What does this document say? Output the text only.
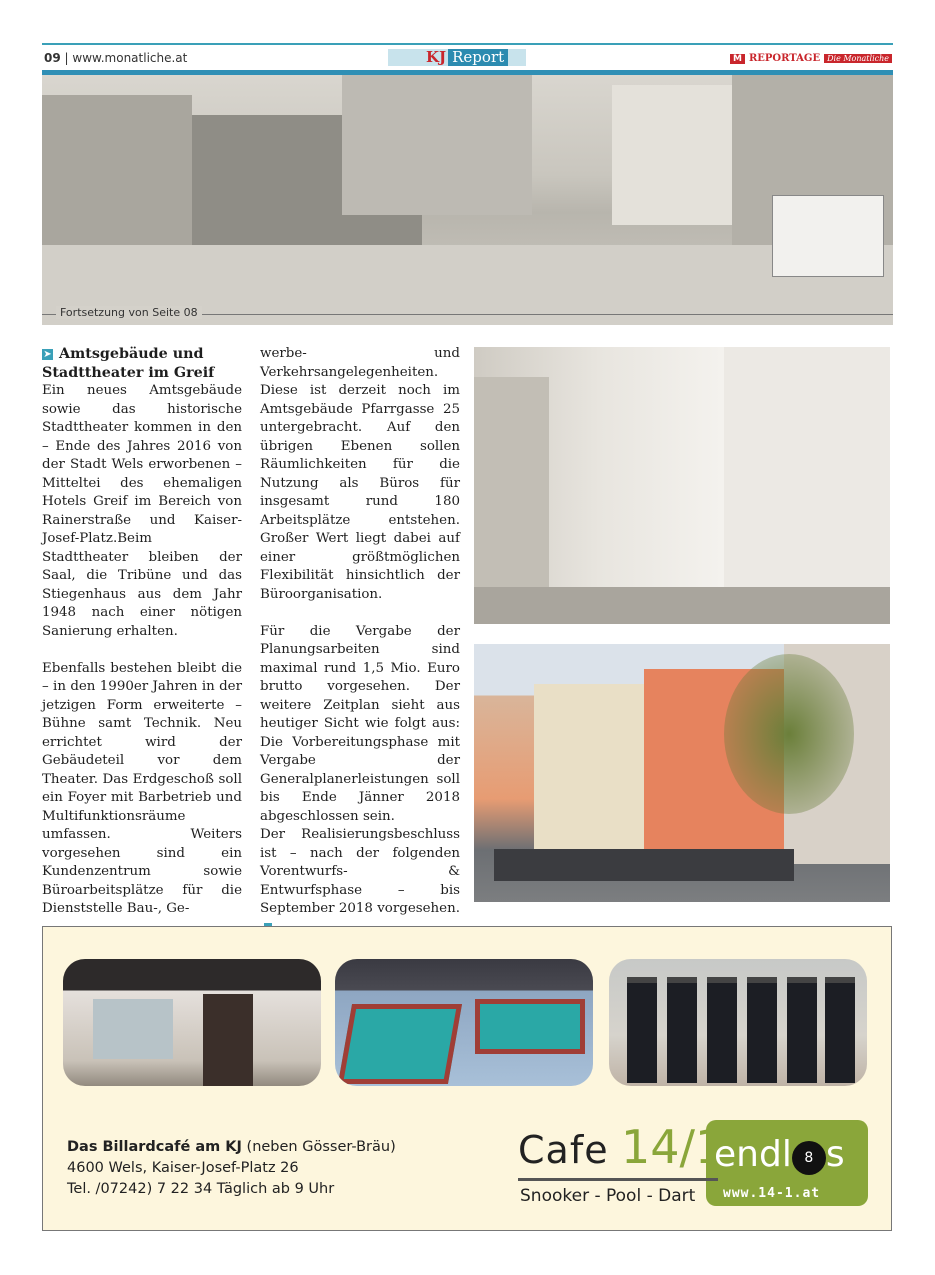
09 | www.monatliche.at	KJ Report	M REPORTAGE Die Monatliche
Fortsetzung von Seite 08
➤ Amtsgebäude und
Stadttheater im Greif

Ein neues Amtsgebäude sowie das historische Stadttheater kommen in den – Ende des Jahres 2016 von der Stadt Wels erworbenen – Mitteltei des ehemaligen Hotels Greif im Bereich von Rainerstraße und Kaiser-Josef-Platz.Beim Stadttheater bleiben der Saal, die Tribüne und das Stiegenhaus aus dem Jahr 1948 nach einer nötigen Sanierung erhalten.

Ebenfalls bestehen bleibt die – in den 1990er Jahren in der jetzigen Form erweiterte – Bühne samt Technik. Neu errichtet wird der Gebäudeteil vor dem Theater. Das Erdgeschoß soll ein Foyer mit Barbetrieb und Multifunktionsräume umfassen. Weiters vorgesehen sind ein Kundenzentrum sowie Büroarbeitsplätze für die Dienststelle Bau-, Ge-

werbe- und Verkehrsangelegenheiten. Diese ist derzeit noch im Amtsgebäude Pfarrgasse 25 untergebracht. Auf den übrigen Ebenen sollen Räumlichkeiten für die Nutzung als Büros für insgesamt rund 180 Arbeitsplätze entstehen. Großer Wert liegt dabei auf einer größtmöglichen Flexibilität hinsichtlich der Büroorganisation.

Für die Vergabe der Planungsarbeiten sind maximal rund 1,5 Mio. Euro brutto vorgesehen. Der weitere Zeitplan sieht aus heutiger Sicht wie folgt aus: Die Vorbereitungsphase mit Vergabe der Generalplanerleistungen soll bis Ende Jänner 2018 abgeschlossen sein.

Der Realisierungsbeschluss ist – nach der folgenden Vorentwurfs- & Entwurfsphase – bis September 2018 vorgesehen.

Das Billardcafé am KJ (neben Gösser-Bräu)
4600 Wels, Kaiser-Josef-Platz 26
Tel. /07242) 7 22 34 Täglich ab 9 Uhr
Cafe 14/1
endl 8 s
Snooker - Pool - Dart www.14-1.at
